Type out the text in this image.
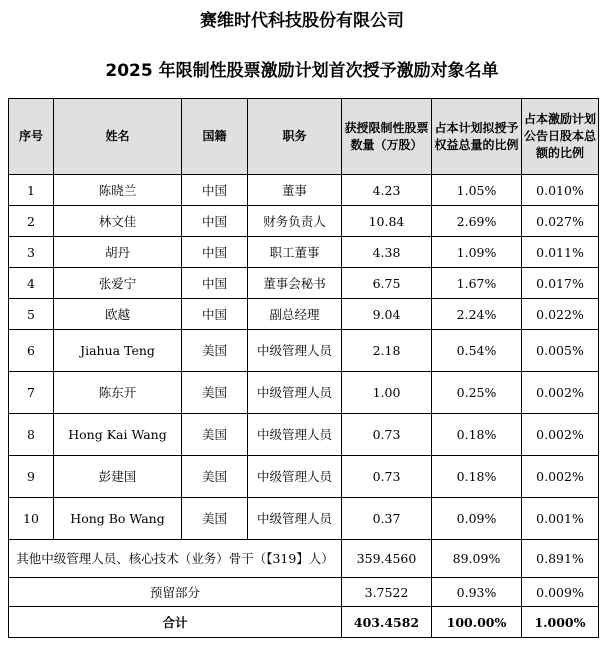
赛维时代科技股份有限公司
2025 年限制性股票激励计划首次授予激励对象名单
序号	姓名	国籍	职务	获授限制性股票数量（万股）	占本计划拟授予权益总量的比例	占本激励计划公告日股本总额的比例
1	陈晓兰	中国	董事	4.23	1.05%	0.010%
2	林文佳	中国	财务负责人	10.84	2.69%	0.027%
3	胡丹	中国	职工董事	4.38	1.09%	0.011%
4	张爱宁	中国	董事会秘书	6.75	1.67%	0.017%
5	欧越	中国	副总经理	9.04	2.24%	0.022%
6	Jiahua Teng	美国	中级管理人员	2.18	0.54%	0.005%
7	陈东开	美国	中级管理人员	1.00	0.25%	0.002%
8	Hong Kai Wang	美国	中级管理人员	0.73	0.18%	0.002%
9	彭建国	美国	中级管理人员	0.73	0.18%	0.002%
10	Hong Bo Wang	美国	中级管理人员	0.37	0.09%	0.001%
其他中级管理人员、核心技术（业务）骨干（【319】人）				359.4560	89.09%	0.891%
预留部分				3.7522	0.93%	0.009%
合计				403.4582	100.00%	1.000%
